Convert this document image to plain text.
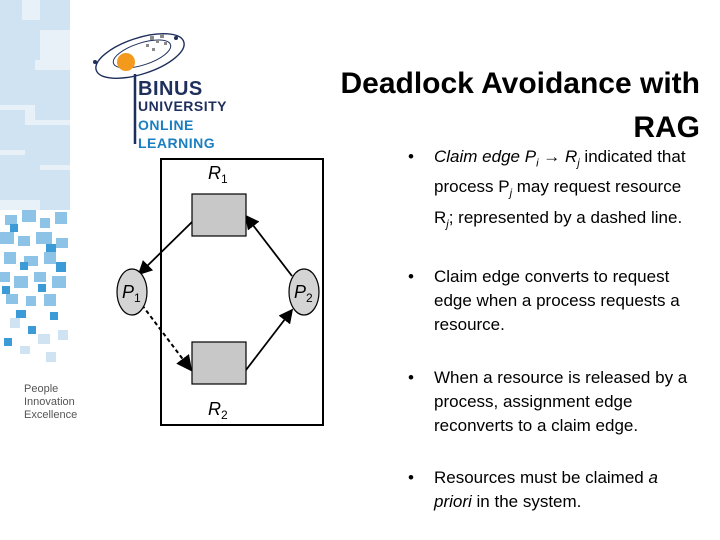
BINUS
UNIVERSITY
ONLINE
LEARNING
People
Innovation
Excellence
Deadlock Avoidance with RAG
$R_1$
$R_2$
$P_1$	$P_2$
• Claim edge $P_i \to R_j$ indicated that process $P_j$ may request resource $R_j$; represented by a dashed line.
• Claim edge converts to request edge when a process requests a resource.
• When a resource is released by a process, assignment edge reconverts to a claim edge.
• Resources must be claimed a priori in the system.
